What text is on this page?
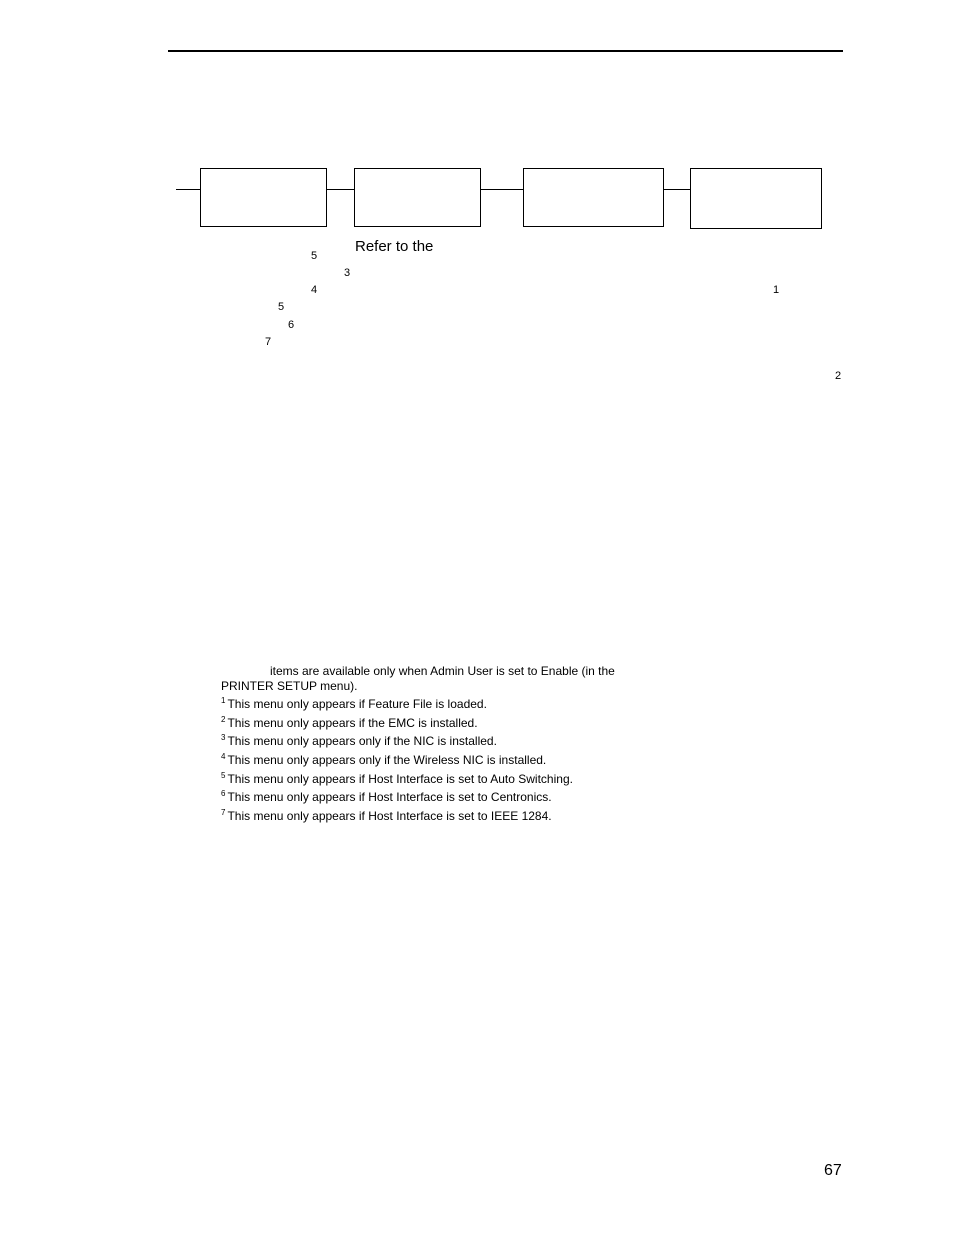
Refer to the
5
3
4
5
6
7
1
2
items are available only when Admin User is set to Enable (in the
PRINTER SETUP menu).
$^1$ This menu only appears if Feature File is loaded.
$^2$ This menu only appears if the EMC is installed.
$^3$ This menu only appears only if the NIC is installed.
$^4$ This menu only appears only if the Wireless NIC is installed.
$^5$ This menu only appears if Host Interface is set to Auto Switching.
$^6$ This menu only appears if Host Interface is set to Centronics.
$^7$ This menu only appears if Host Interface is set to IEEE 1284.
67
